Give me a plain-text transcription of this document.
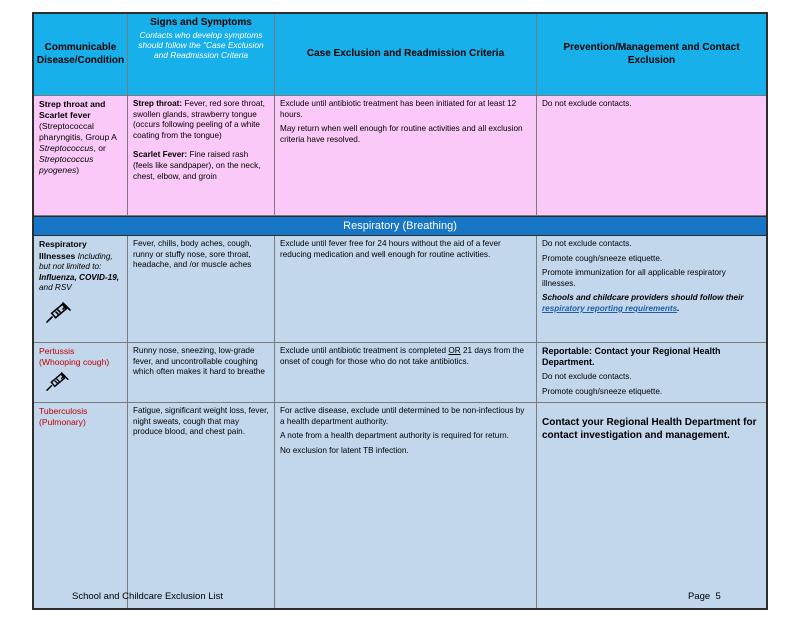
Communicable Disease/Condition
Signs and Symptoms
Contacts who develop symptoms should follow the "Case Exclusion and Readmission Criteria	Case Exclusion and Readmission Criteria
Prevention/Management and Contact Exclusion
Strep throat and Scarlet fever
(Streptococcal pharyngitis, Group A Streptococcus, or Streptococcus pyogenes)
Strep throat: Fever, red sore throat, swollen glands, strawberry tongue (occurs following peeling of a white coating from the tongue)
Scarlet Fever: Fine raised rash (feels like sandpaper), on the neck, chest, elbow, and groin

Exclude until antibiotic treatment has been initiated for at least 12 hours.

May return when well enough for routine activities and all exclusion criteria have resolved.

Do not exclude contacts.

Respiratory (Breathing)
Respiratory Illnesses Including, but not limited to: Influenza, COVID-19, and RSV
Fever, chills, body aches, cough, runny or stuffy nose, sore throat, headache, and /or muscle aches

Exclude until fever free for 24 hours without the aid of a fever reducing medication and well enough for routine activities.

Do not exclude contacts.

Promote cough/sneeze etiquette.

Promote immunization for all applicable respiratory illnesses.

Schools and childcare providers should follow their respiratory reporting requirements.

Pertussis
(Whooping cough)
Runny nose, sneezing, low-grade fever, and uncontrollable coughing which often makes it hard to breathe

Exclude until antibiotic treatment is completed OR 21 days from the onset of cough for those who do not take antibiotics.

Reportable: Contact your Regional Health Department.

Do not exclude contacts.

Promote cough/sneeze etiquette.

Tuberculosis
(Pulmonary)
Fatigue, significant weight loss, fever, night sweats, cough that may produce blood, and chest pain.

For active disease, exclude until determined to be non-infectious by a health department authority.

A note from a health department authority is required for return.

No exclusion for latent TB infection.

Contact your Regional Health Department for contact investigation and management.

School and Childcare Exclusion List	Page 5
